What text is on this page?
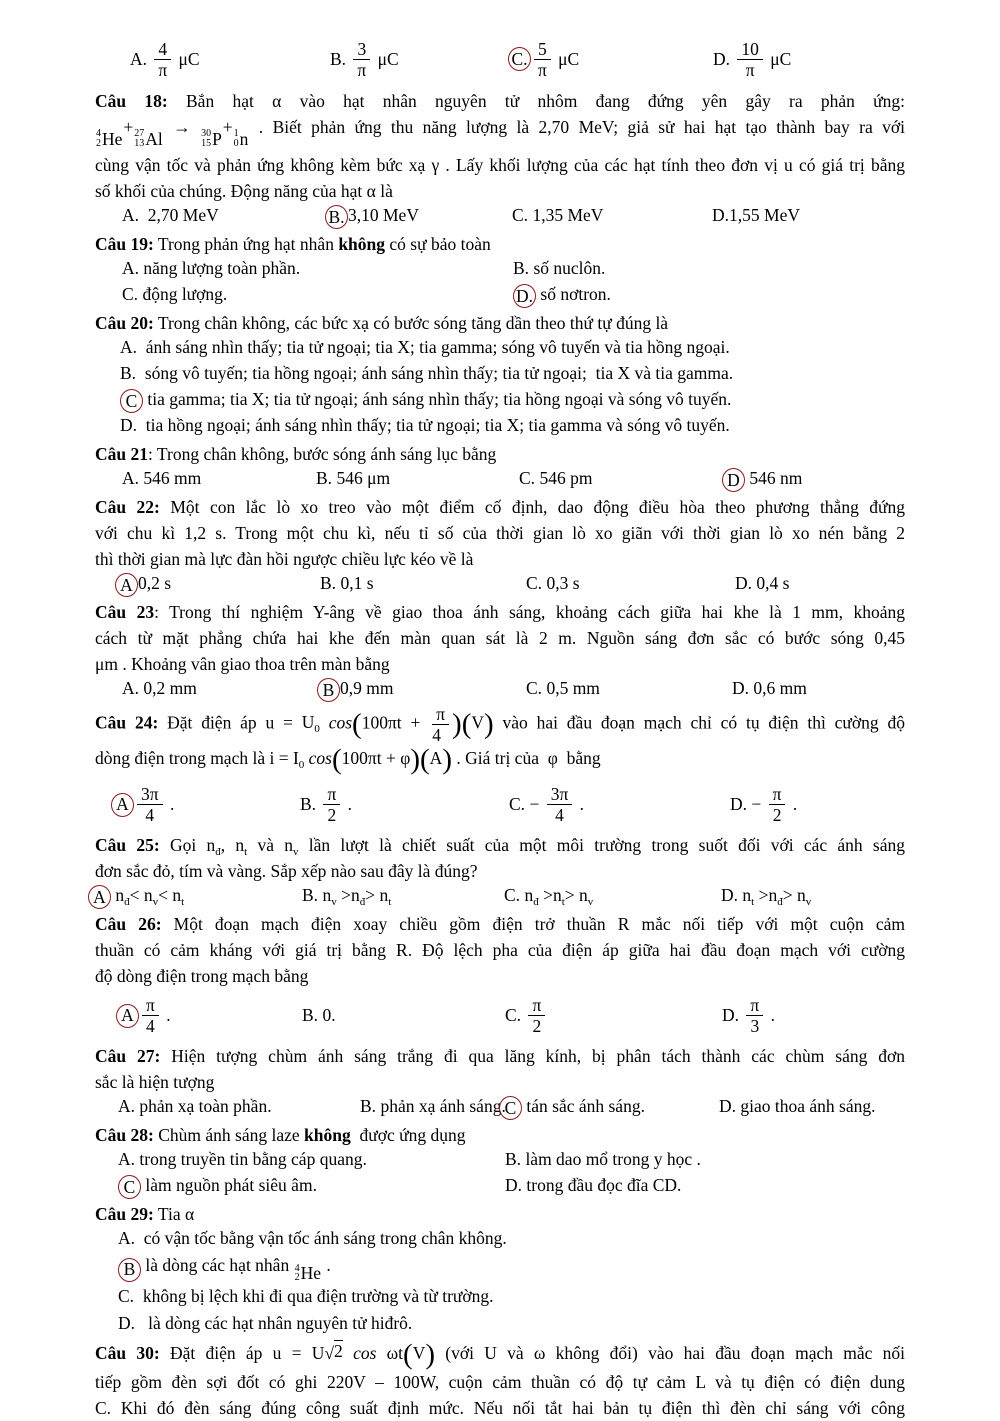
A.
$\frac{4}{\pi}$ μC	B.
$\frac{3}{\pi}$ μC	C. $\frac{5}{\pi}$ μC	D.
$\frac{10}{\pi}$ μC
Câu 18: Bắn hạt α vào hạt nhân nguyên tử nhôm đang đứng yên gây ra phản ứng:
4
2 He
+ 27
13 Al
→ 30
15 P
+ 1
0 n
. Biết phản ứng thu năng lượng là 2,70 MeV; giả sử hai hạt tạo thành bay ra với
cùng vận tốc và phản ứng không kèm bức xạ γ . Lấy khối lượng của các hạt tính theo đơn vị u có giá trị bằng
số khối của chúng. Động năng của hạt α là
A. 2,70 MeV	B. 3,10 MeV	C. 1,35 MeV	D. 1,55 MeV
Câu 19: Trong phản ứng hạt nhân không có sự bảo toàn
A. năng lượng toàn phần.	B. số nuclôn.
C. động lượng.	D. số nơtron.
Câu 20: Trong chân không, các bức xạ có bước sóng tăng dần theo thứ tự đúng là
A. ánh sáng nhìn thấy; tia tử ngoại; tia X; tia gamma; sóng vô tuyến và tia hồng ngoại.
B. sóng vô tuyến; tia hồng ngoại; ánh sáng nhìn thấy; tia tử ngoại;  tia X và tia gamma.
C tia gamma; tia X; tia tử ngoại; ánh sáng nhìn thấy; tia hồng ngoại và sóng vô tuyến.
D. tia hồng ngoại; ánh sáng nhìn thấy; tia tử ngoại; tia X; tia gamma và sóng vô tuyến.
Câu 21: Trong chân không, bước sóng ánh sáng lục bằng
A. 546 mm	B. 546 μm	C. 546 pm	D 546 nm
Câu 22: Một con lắc lò xo treo vào một điểm cố định, dao động điều hòa theo phương thẳng đứng
với chu kì 1,2 s. Trong một chu kì, nếu tỉ số của thời gian lò xo giãn với thời gian lò xo nén bằng 2
thì thời gian mà lực đàn hồi ngược chiều lực kéo về là
A 0,2 s	B. 0,1 s	C. 0,3 s	D. 0,4 s
Câu 23: Trong thí nghiệm Y-âng về giao thoa ánh sáng, khoảng cách giữa hai khe là 1 mm, khoảng
cách từ mặt phẳng chứa hai khe đến màn quan sát là 2 m. Nguồn sáng đơn sắc có bước sóng 0,45
μm . Khoảng vân giao thoa trên màn bằng
A. 0,2 mm	B 0,9 mm	C. 0,5 mm	D. 0,6 mm
Câu 24: Đặt điện áp $u = U_0$ $\cos(100\pi t + \frac{\pi}{4} )(V)$ vào hai đầu đoạn mạch chỉ có tụ điện thì cường độ
dòng điện trong mạch là $i = I_0$ cos(100πt + φ)(A) . Giá trị của  φ  bằng
A $\frac{3\pi}{4}$ .	B.
$\frac{\pi}{2}$ .	C. − $\frac{3\pi}{4}$ .	D. − $\frac{\pi}{2}$ .
Câu 25: Gọi $n_đ$, $n_t$ và $n_v$ lần lượt là chiết suất của một môi trường trong suốt đối với các ánh sáng
đơn sắc đỏ, tím và vàng. Sắp xếp nào sau đây là đúng?
A
$n_đ < n_v < n_t$	B.
$n_v > n_đ > n_t$	C.
$n_đ > n_t > n_v$	D.
$n_t > n_đ > n_v$
Câu 26: Một đoạn mạch điện xoay chiều gồm điện trở thuần R mắc nối tiếp với một cuộn cảm
thuần có cảm kháng với giá trị bằng R. Độ lệch pha của điện áp giữa hai đầu đoạn mạch với cường
độ dòng điện trong mạch bằng
A $\frac{\pi}{4}$ .	B. 0.	C.
$\frac{\pi}{2}$	D.
$\frac{\pi}{3}$ .
Câu 27: Hiện tượng chùm ánh sáng trắng đi qua lăng kính, bị phân tách thành các chùm sáng đơn
sắc là hiện tượng
A. phản xạ toàn phần.	B. phản xạ ánh sáng.
C tán sắc ánh sáng.	D. giao thoa ánh sáng.
Câu 28: Chùm ánh sáng laze không  được ứng dụng
A. trong truyền tin bằng cáp quang.	B. làm dao mổ trong y học .
C làm nguồn phát siêu âm.	D. trong đầu đọc đĩa CD.
Câu 29: Tia α
A. có vận tốc bằng vận tốc ánh sáng trong chân không.
B là dòng các hạt nhân 4
2 He .
C. không bị lệch khi đi qua điện trường và từ trường.
D. là dòng các hạt nhân nguyên tử hiđrô.
Câu 30: Đặt điện áp u = U √ 2 cos ωt(V) (với U và ω không đổi) vào hai đầu đoạn mạch mắc nối
tiếp gồm đèn sợi đốt có ghi 220V – 100W, cuộn cảm thuần có độ tự cảm L và tụ điện có điện dung
C. Khi đó đèn sáng đúng công suất định mức. Nếu nối tắt hai bản tụ điện thì đèn chỉ sáng với công
